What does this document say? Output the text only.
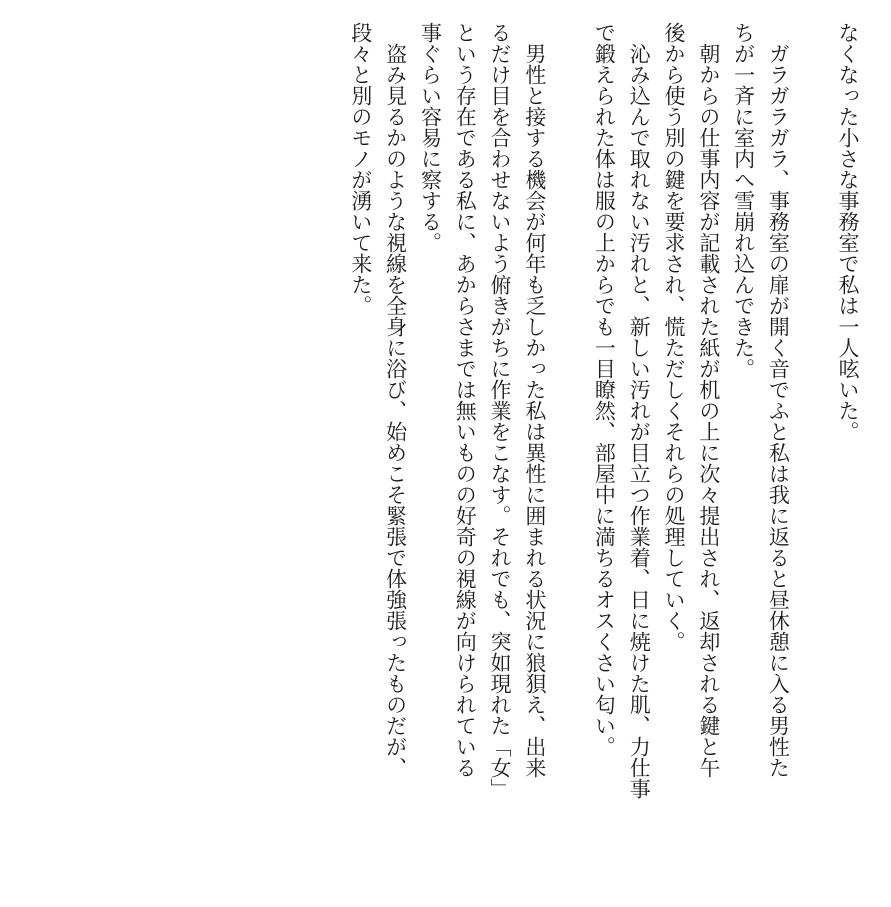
なくなった小さな事務室で私は一人呟いた。
　ガラガラガラ、事務室の扉が開く音でふと私は我に返ると昼休憩に入る男性た
ちが一斉に室内へ雪崩れ込んできた。
　朝からの仕事内容が記載された紙が机の上に次々提出され、返却される鍵と午
後から使う別の鍵を要求され、慌ただしくそれらの処理していく。
　沁み込んで取れない汚れと、新しい汚れが目立つ作業着、日に焼けた肌、力仕事
で鍛えられた体は服の上からでも一目瞭然、部屋中に満ちるオスくさい匂い。
　男性と接する機会が何年も乏しかった私は異性に囲まれる状況に狼狽え、出来
るだけ目を合わせないよう俯きがちに作業をこなす。それでも、突如現れた「女」
という存在である私に、あからさまでは無いものの好奇の視線が向けられている
事ぐらい容易に察する。
　盗み見るかのような視線を全身に浴び、始めこそ緊張で体強張ったものだが、
段々と別のモノが湧いて来た。
